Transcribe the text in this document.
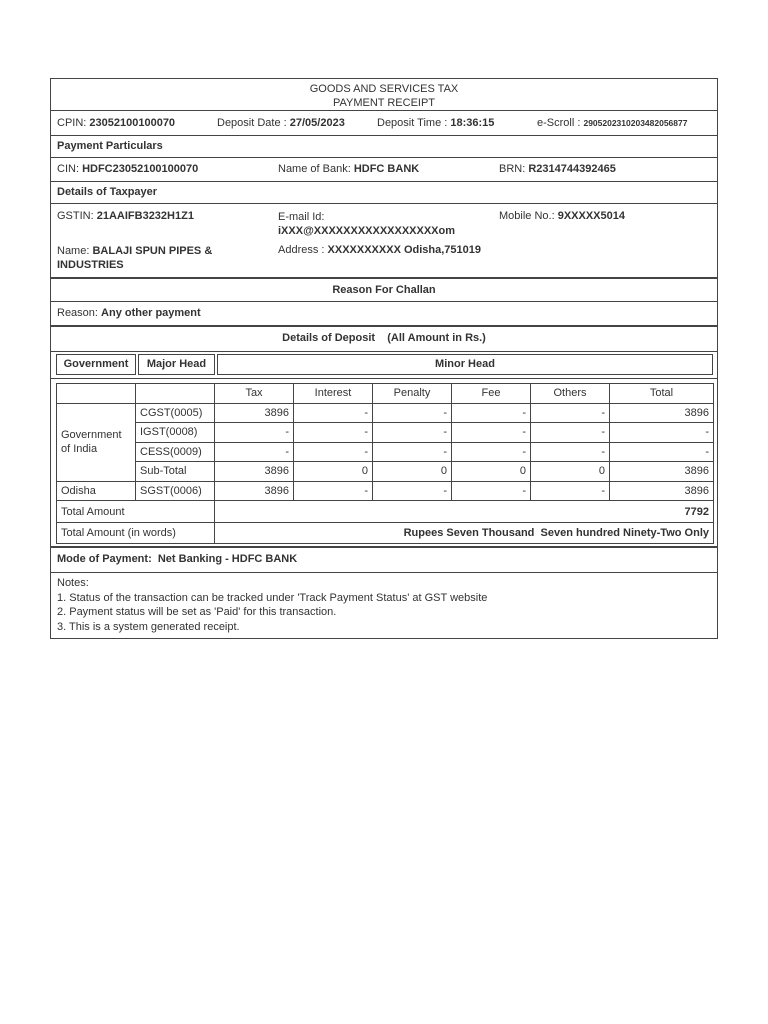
GOODS AND SERVICES TAX
PAYMENT RECEIPT
CPIN: 23052100100070	Deposit Date : 27/05/2023	Deposit Time : 18:36:15	e-Scroll : 29052023102034820568​77
Payment Particulars
CIN: HDFC23052100100070	Name of Bank: HDFC BANK	BRN: R2314744392465
Details of Taxpayer
GSTIN: 21AAIFB3232H1Z1	E-mail Id:
iXXX@XXXXXXXXXXXXXXXXXom
Mobile No.: 9XXXXX5014
Name: BALAJI SPUN PIPES &
INDUSTRIES
Address : XXXXXXXXXX Odisha,751019
Reason For Challan
Reason: Any other payment
Details of Deposit    (All Amount in Rs.)
Government	Major Head	Minor Head
		Tax	Interest	Penalty	Fee	Others	Total
Government of India	CGST(0005)	3896	-	-	-	-	3896
	IGST(0008)	-	-	-	-	-	-
	CESS(0009)	-	-	-	-	-	-
	Sub-Total	3896	0	0	0	0	3896
Odisha	SGST(0006)	3896	-	-	-	-	3896
Total Amount		7792					
Total Amount (in words)		Rupees Seven Thousand  Seven hundred Ninety-Two Only					
Mode of Payment: Net Banking - HDFC BANK
Notes:
1. Status of the transaction can be tracked under 'Track Payment Status' at GST website
2. Payment status will be set as 'Paid' for this transaction.
3. This is a system generated receipt.
